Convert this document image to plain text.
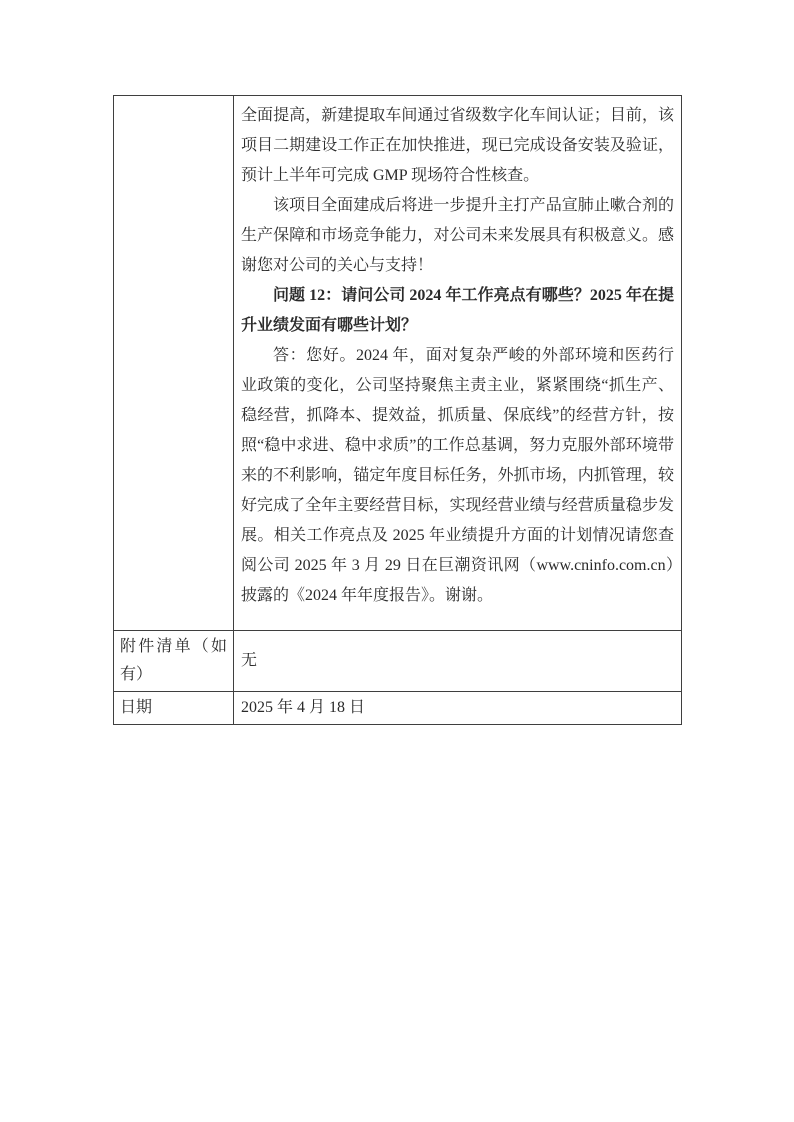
	全面提高，新建提取车间通过省级数字化车间认证；目前，该项目二期建设工作正在加快推进，现已完成设备安装及验证，预计上半年可完成 GMP 现场符合性核查。

该项目全面建成后将进一步提升主打产品宣肺止嗽合剂的生产保障和市场竞争能力，对公司未来发展具有积极意义。感谢您对公司的关心与支持！

问题 12：请问公司 2024 年工作亮点有哪些？2025 年在提升业绩发面有哪些计划？

答：您好。2024 年，面对复杂严峻的外部环境和医药行业政策的变化，公司坚持聚焦主责主业，紧紧围绕“抓生产、稳经营，抓降本、提效益，抓质量、保底线”的经营方针，按照“稳中求进、稳中求质”的工作总基调，努力克服外部环境带来的不利影响，锚定年度目标任务，外抓市场，内抓管理，较好完成了全年主要经营目标，实现经营业绩与经营质量稳步发展。相关工作亮点及 2025 年业绩提升方面的计划情况请您查阅公司 2025 年 3 月 29 日在巨潮资讯网（www.cninfo.com.cn）披露的《2024 年年度报告》。谢谢。

附件清单（如有）	无
日期	2025 年 4 月 18 日
